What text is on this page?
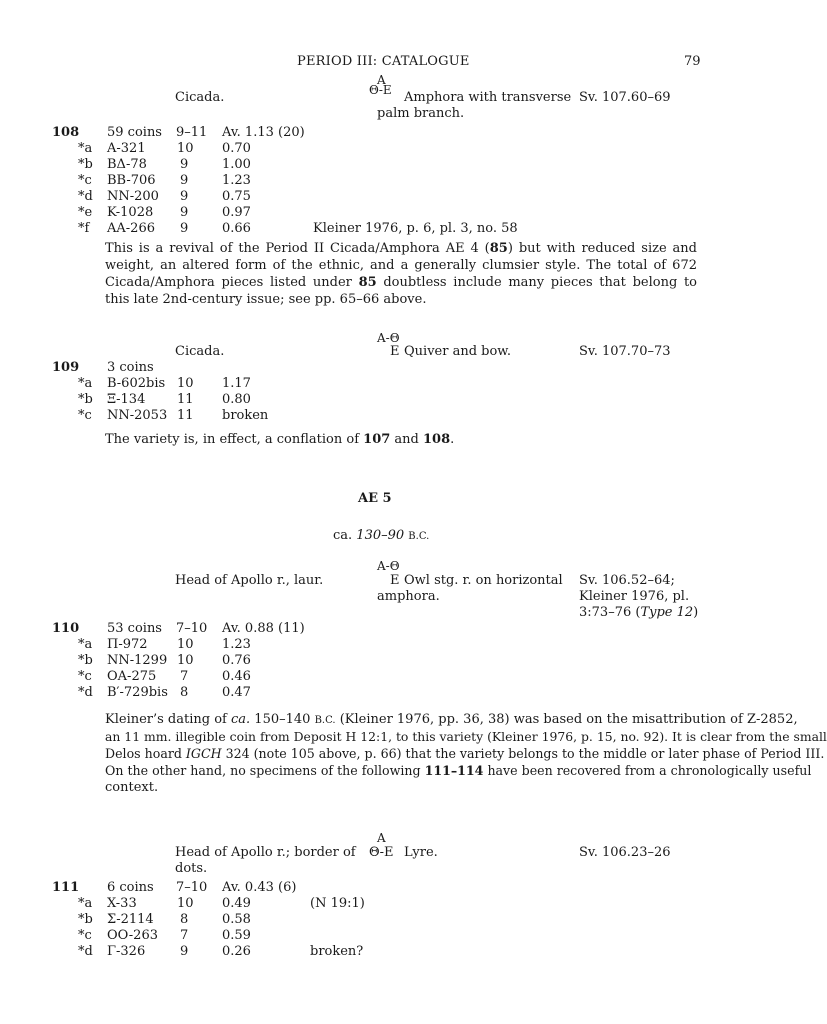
PERIOD III: CATALOGUE	79
Cicada.
A
Θ-E Amphora with transverse
palm branch.
Sv. 107.60–69
108 59 coins 9–11 Av. 1.13 (20)
*a A-321 10 0.70
*b BΔ-78	9	1.00
*c BB-706 9	1.23
*d NN-200 9	0.75
*e K-1028 9	0.97
*f AA-266 9	0.66	Kleiner 1976, p. 6, pl. 3, no. 58
This is a revival of the Period II Cicada/Amphora AE 4 (85) but with reduced size and weight, an altered form of the ethnic, and a generally clumsier style. The total of 672 Cicada/Amphora pieces listed under 85 doubtless include many pieces that belong to this late 2nd-century issue; see pp. 65–66 above.
A-Θ
Cicada.	E Quiver and bow.	Sv. 107.70–73
109 3 coins
*a B-602bis 10 1.17
*b Ξ-134 11 0.80
*c NN-2053 11 broken
The variety is, in effect, a conflation of 107 and 108.
AE 5
ca. 130–90 B.C.
A-Θ
Head of Apollo r., laur.	E Owl stg. r. on horizontal
amphora.
Sv. 106.52–64;
Kleiner 1976, pl.
3:73–76 (Type 12)
110 53 coins 7–10 Av. 0.88 (11)
*a Π-972 10 1.23
*b NN-1299 10 0.76
*c OA-275 7	0.46
*d B′-729bis 8	0.47
Kleiner’s dating of ca. 150–140 B.C. (Kleiner 1976, pp. 36, 38) was based on the misattribution of Z-2852,
an 11 mm. illegible coin from Deposit H 12:1, to this variety (Kleiner 1976, p. 15, no. 92). It is clear from the small
Delos hoard IGCH 324 (note 105 above, p. 66) that the variety belongs to the middle or later phase of Period III.
On the other hand, no specimens of the following 111–114 have been recovered from a chronologically useful
context.
A
Head of Apollo r.; border of
dots.
Θ-E Lyre.	Sv. 106.23–26
111 6 coins 7–10 Av. 0.43 (6)
*a X-33	10 0.49	(N 19:1)
*b Σ-2114 8	0.58
*c OO-263 7	0.59
*d Γ-326	9	0.26	broken?
